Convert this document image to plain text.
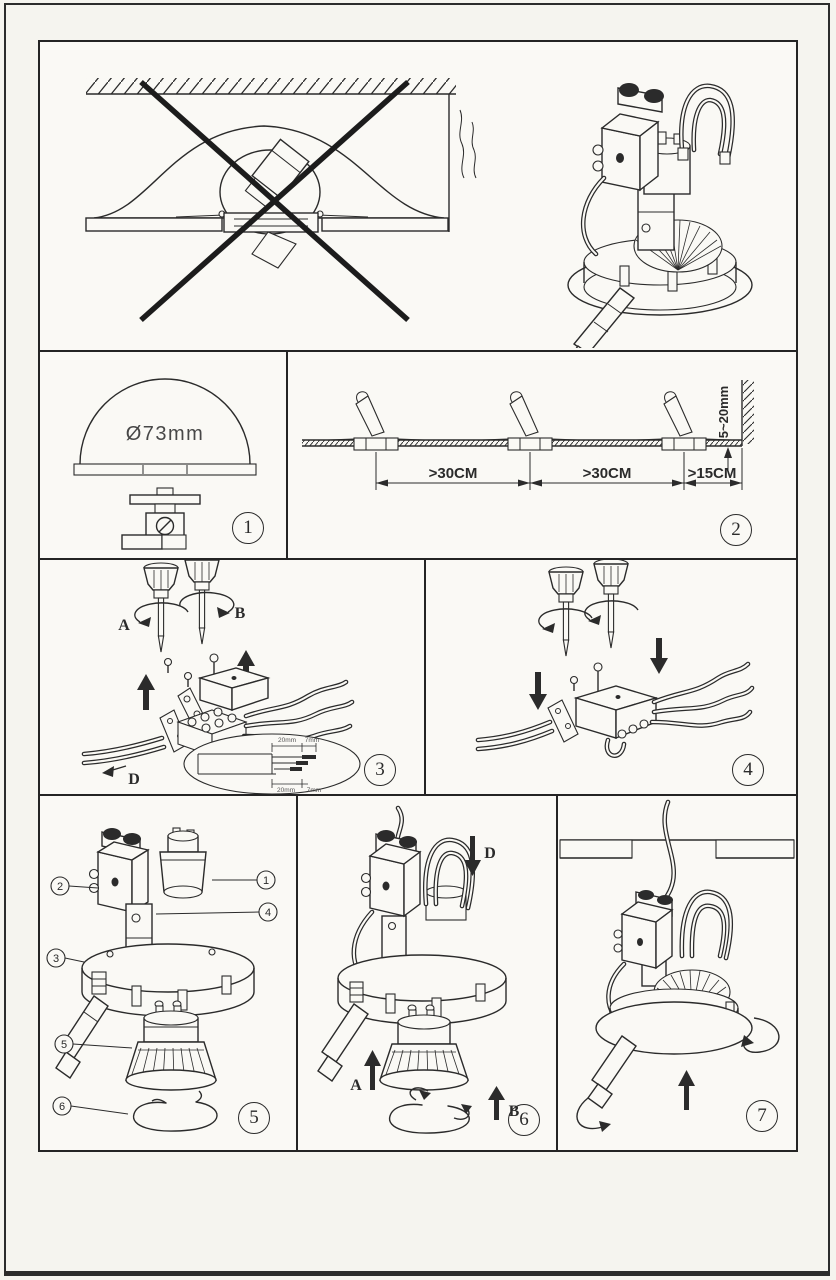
Ø73mm
1
5~20mm
>30CM	>30CM	>15CM
2
A
B
D
20mm 7mm
20mm 7mm
3	4
2	1
4
3
5
6	5
D
A
B 6	7
